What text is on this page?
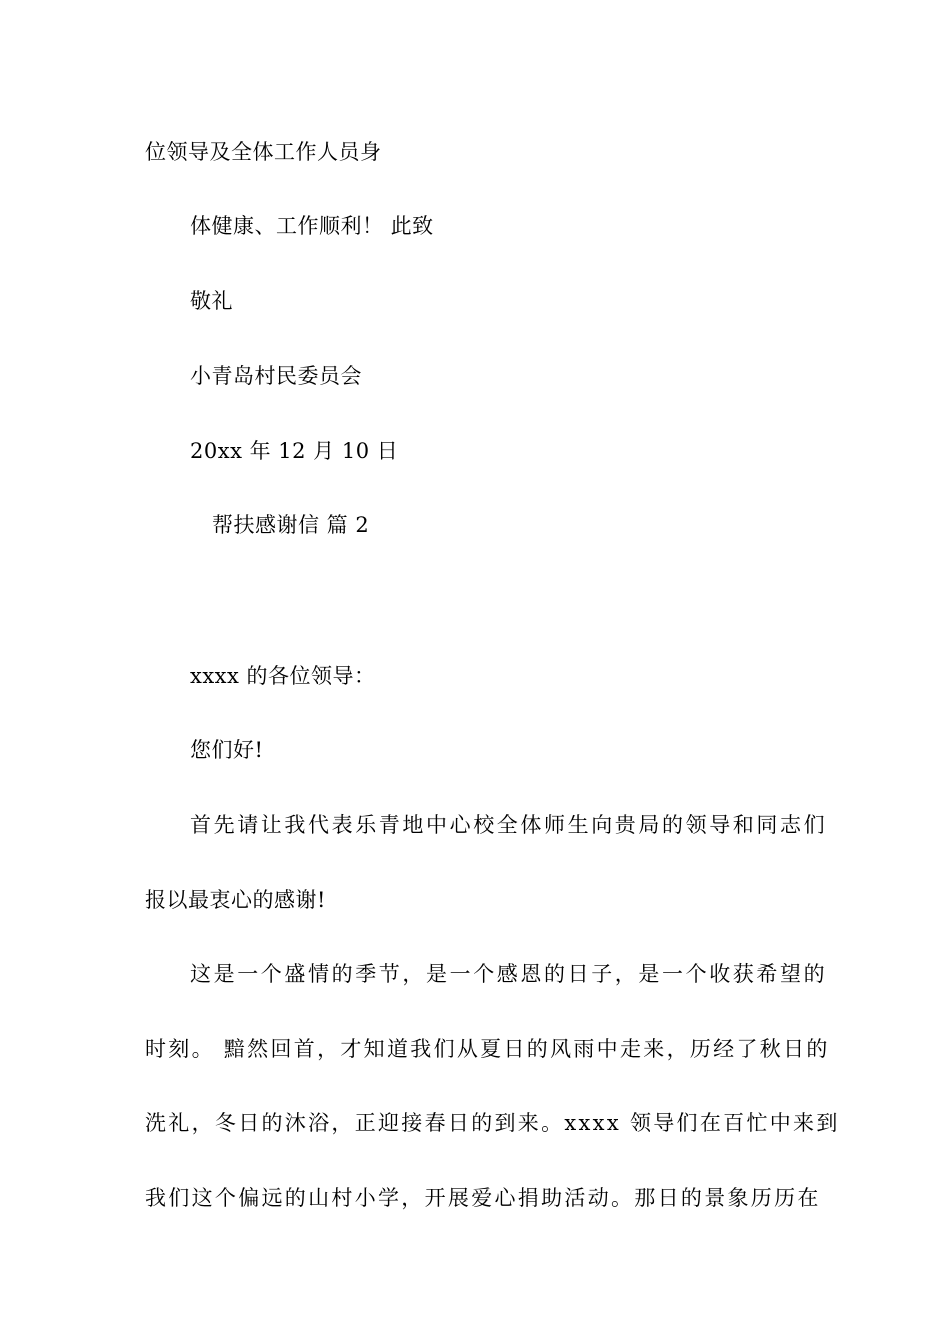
位领导及全体工作人员身
体健康、工作顺利！ 此致
敬礼
小青岛村民委员会
20xx 年 12 月 10 日
帮扶感谢信 篇 2
xxxx 的各位领导：
您们好!
首先请让我代表乐青地中心校全体师生向贵局的领导和同志们
报以最衷心的感谢!
这是一个盛情的季节，是一个感恩的日子，是一个收获希望的
时刻。 黯然回首，才知道我们从夏日的风雨中走来，历经了秋日的
洗礼，冬日的沐浴，正迎接春日的到来。xxxx 领导们在百忙中来到
我们这个偏远的山村小学，开展爱心捐助活动。那日的景象历历在
